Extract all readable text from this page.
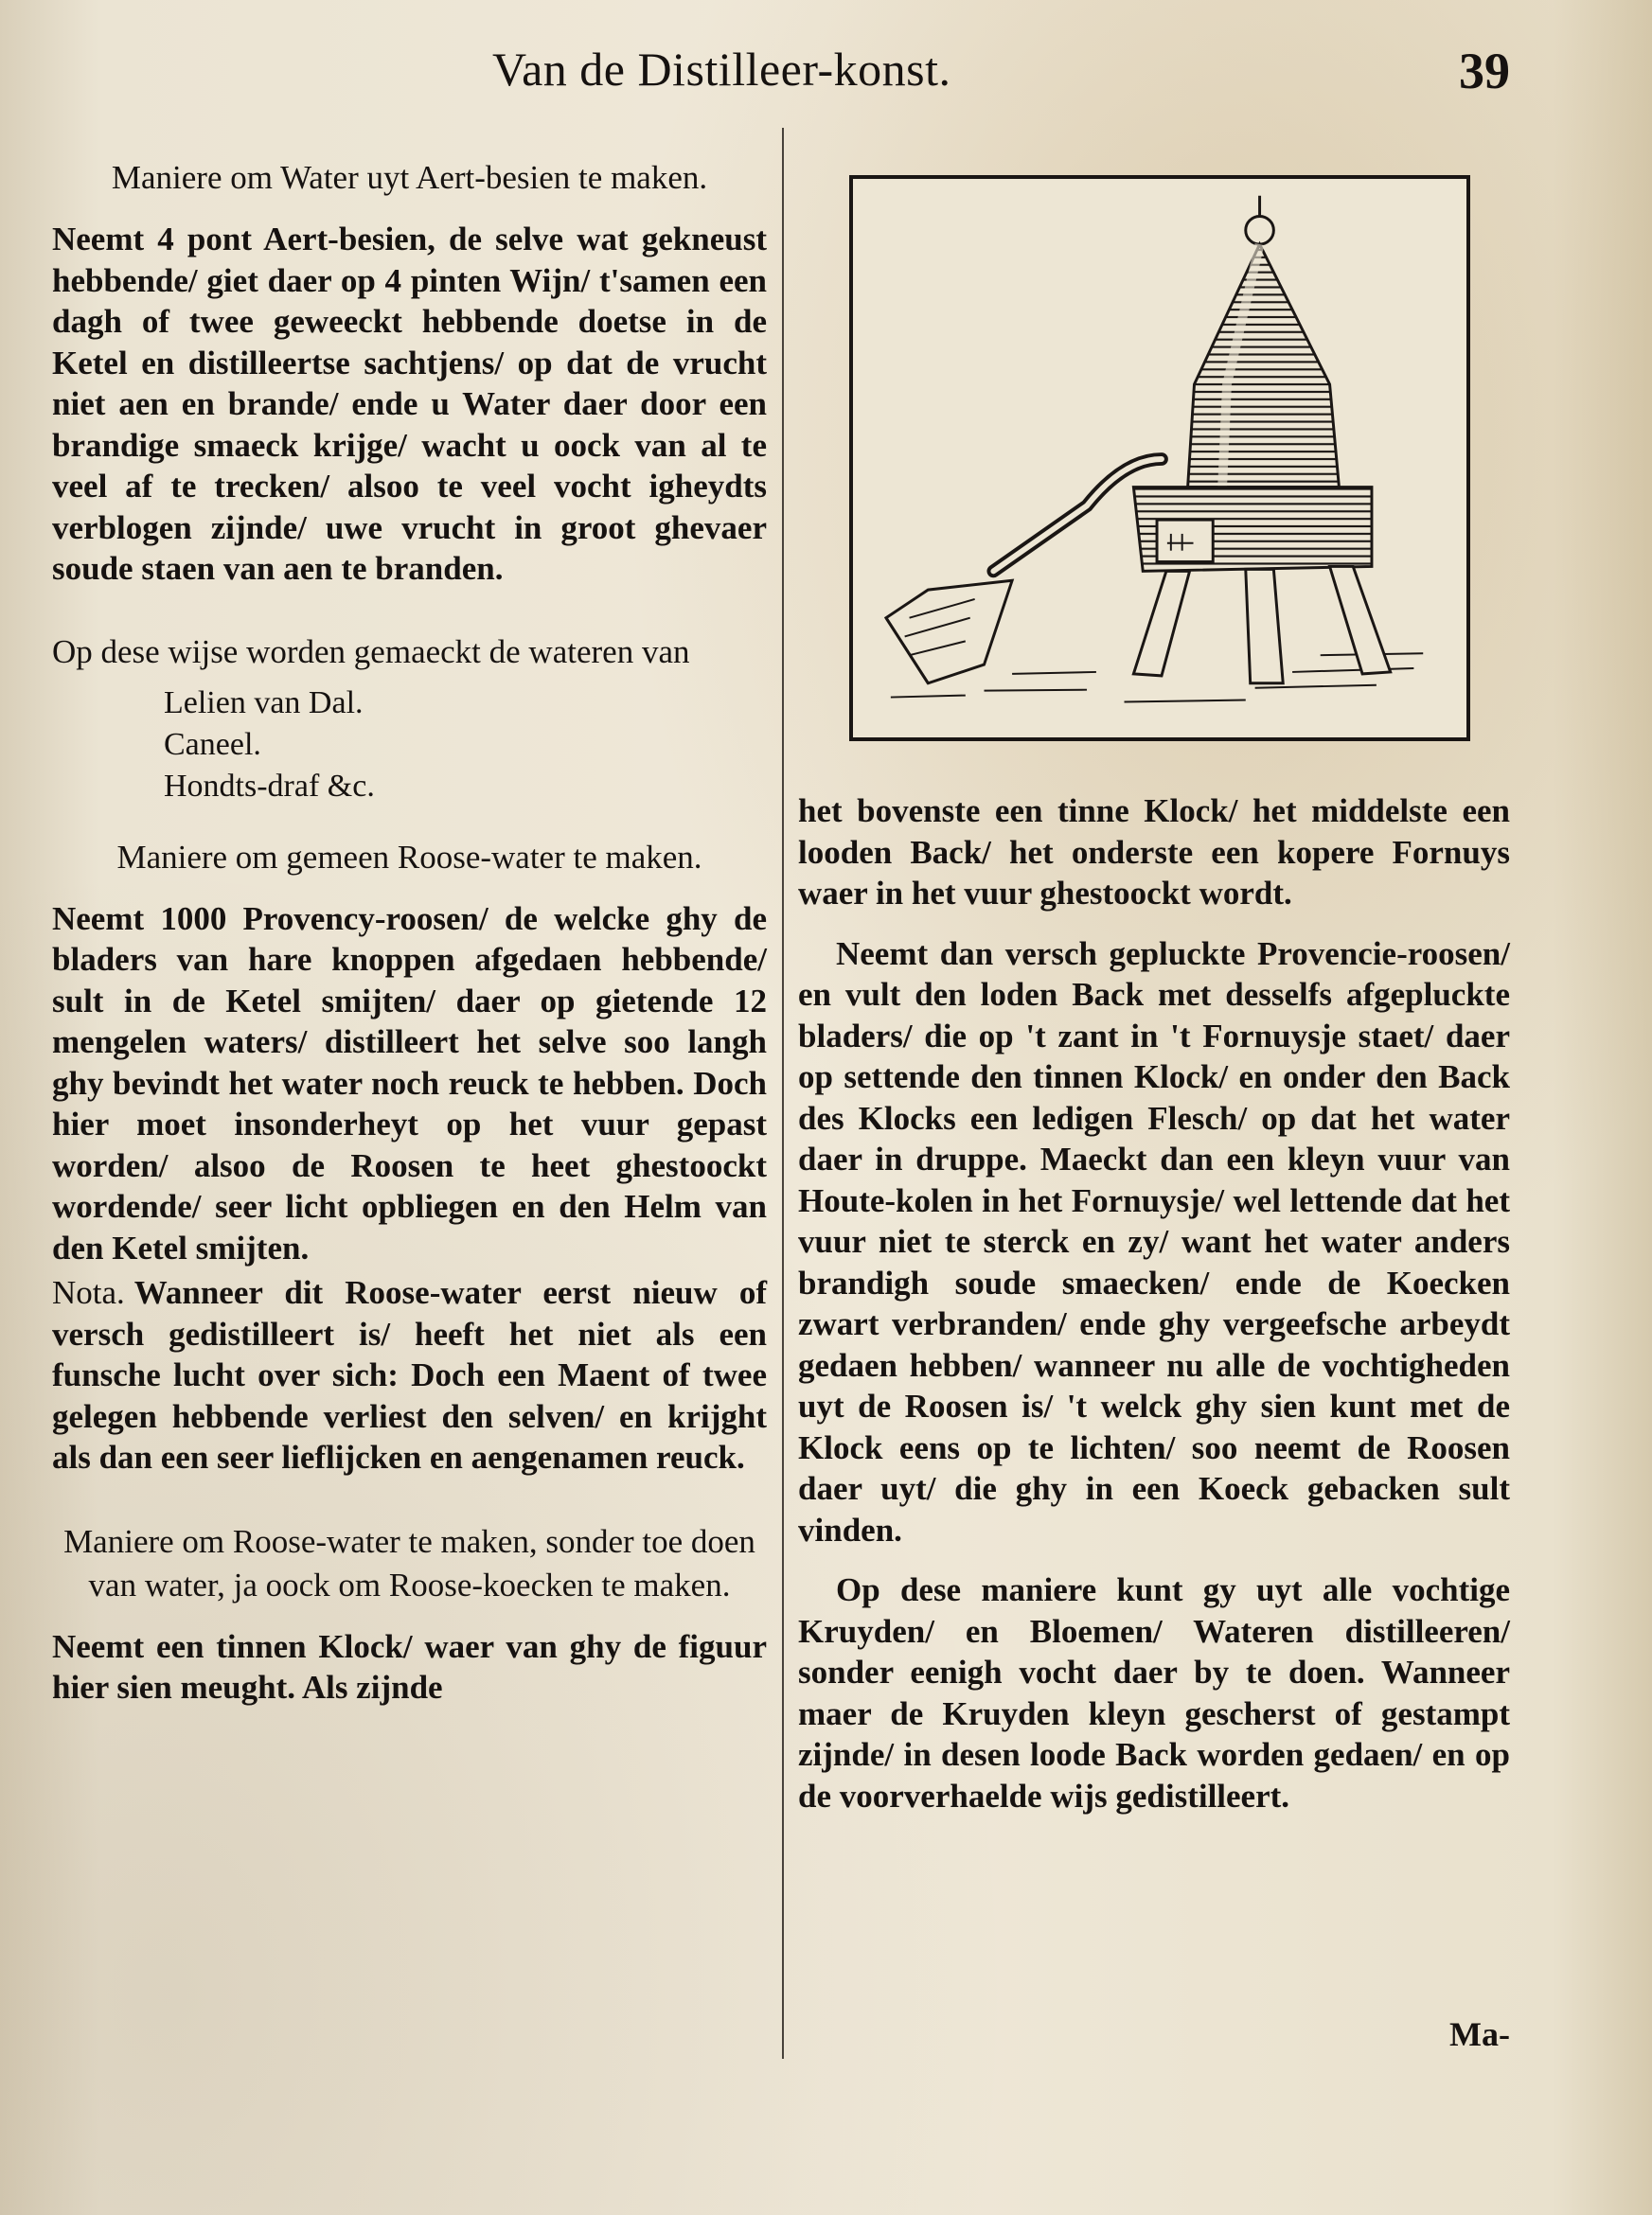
Van de Distilleer-konst.	39
Maniere om Water uyt Aert-besien te maken.
Neemt 4 pont Aert-besien, de selve wat gekneust hebbende/ giet daer op 4 pinten Wijn/ t'samen een dagh of twee geweeckt hebbende doetse in de Ketel en distilleertse sachtjens/ op dat de vrucht niet aen en brande/ ende u Water daer door een brandige smaeck krijge/ wacht u oock van al te veel af te trecken/ alsoo te veel vocht igheydts verblogen zijnde/ uwe vrucht in groot ghevaer soude staen van aen te branden.
Op dese wijse worden gemaeckt de wateren van
Lelien van Dal.
Caneel.
Hondts-draf &c.
Maniere om gemeen Roose-water te maken.
Neemt 1000 Provency-roosen/ de welcke ghy de bladers van hare knoppen afgedaen hebbende/ sult in de Ketel smijten/ daer op gietende 12 mengelen waters/ distilleert het selve soo langh ghy bevindt het water noch reuck te hebben. Doch hier moet insonderheyt op het vuur gepast worden/ alsoo de Roosen te heet ghestoockt wordende/ seer licht opbliegen en den Helm van den Ketel smijten.
Nota. Wanneer dit Roose-water eerst nieuw of versch gedistilleert is/ heeft het niet als een funsche lucht over sich: Doch een Maent of twee gelegen hebbende verliest den selven/ en krijght als dan een seer lieflijcken en aengenamen reuck.
Maniere om Roose-water te maken, sonder toe doen van water, ja oock om Roose-koecken te maken.
Neemt een tinnen Klock/ waer van ghy de figuur hier sien meught. Als zijnde
het bovenste een tinne Klock/ het middelste een looden Back/ het onderste een kopere Fornuys waer in het vuur ghestoockt wordt.
Neemt dan versch gepluckte Provencie-roosen/ en vult den loden Back met desselfs afgepluckte bladers/ die op 't zant in 't Fornuysje staet/ daer op settende den tinnen Klock/ en onder den Back des Klocks een ledigen Flesch/ op dat het water daer in druppe. Maeckt dan een kleyn vuur van Houte-kolen in het Fornuysje/ wel lettende dat het vuur niet te sterck en zy/ want het water anders brandigh soude smaecken/ ende de Koecken zwart verbranden/ ende ghy vergeefsche arbeydt gedaen hebben/ wanneer nu alle de vochtigheden uyt de Roosen is/ 't welck ghy sien kunt met de Klock eens op te lichten/ soo neemt de Roosen daer uyt/ die ghy in een Koeck gebacken sult vinden.
Op dese maniere kunt gy uyt alle vochtige Kruyden/ en Bloemen/ Wateren distilleeren/ sonder eenigh vocht daer by te doen. Wanneer maer de Kruyden kleyn gescherst of gestampt zijnde/ in desen loode Back worden gedaen/ en op de voorverhaelde wijs gedistilleert.
Ma-
